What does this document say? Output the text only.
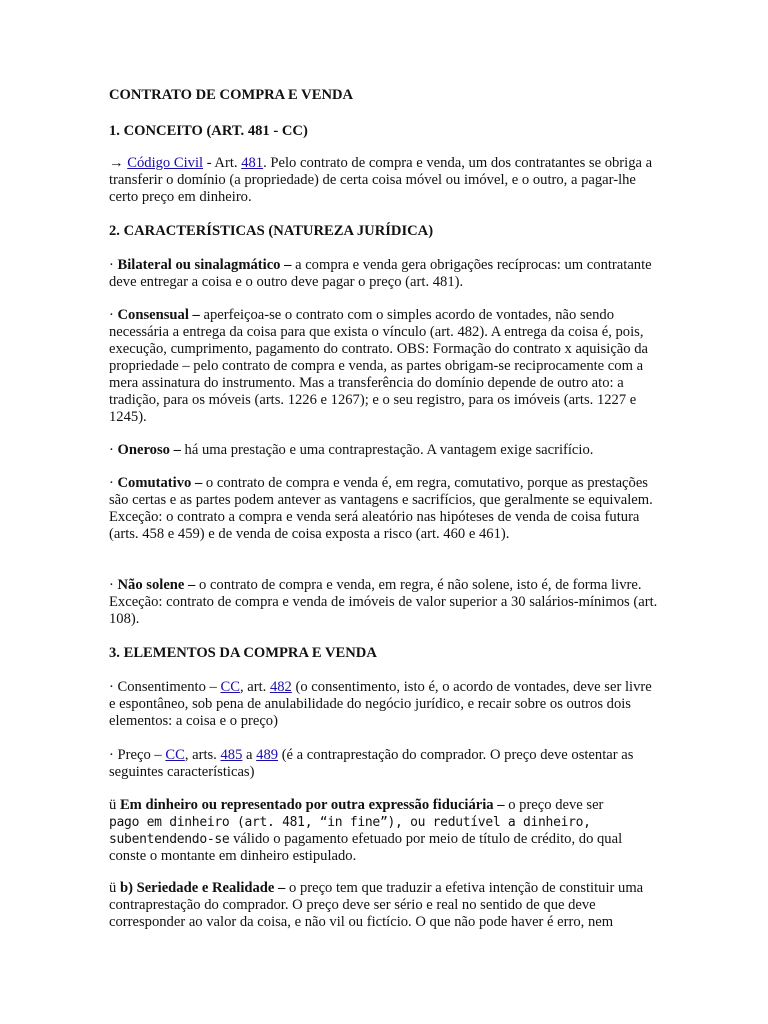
CONTRATO DE COMPRA E VENDA

1. CONCEITO (ART. 481 - CC)

→ Código Civil - Art. 481. Pelo contrato de compra e venda, um dos contratantes se obriga a transferir o domínio (a propriedade) de certa coisa móvel ou imóvel, e o outro, a pagar-lhe certo preço em dinheiro.

2. CARACTERÍSTICAS (NATUREZA JURÍDICA)

· Bilateral ou sinalagmático – a compra e venda gera obrigações recíprocas: um contratante deve entregar a coisa e o outro deve pagar o preço (art. 481).

· Consensual – aperfeiçoa-se o contrato com o simples acordo de vontades, não sendo necessária a entrega da coisa para que exista o vínculo (art. 482). A entrega da coisa é, pois, execução, cumprimento, pagamento do contrato. OBS: Formação do contrato x aquisição da propriedade – pelo contrato de compra e venda, as partes obrigam-se reciprocamente com a mera assinatura do instrumento. Mas a transferência do domínio depende de outro ato: a tradição, para os móveis (arts. 1226 e 1267); e o seu registro, para os imóveis (arts. 1227 e 1245).

· Oneroso – há uma prestação e uma contraprestação. A vantagem exige sacrifício.

· Comutativo – o contrato de compra e venda é, em regra, comutativo, porque as prestações são certas e as partes podem antever as vantagens e sacrifícios, que geralmente se equivalem. Exceção: o contrato a compra e venda será aleatório nas hipóteses de venda de coisa futura (arts. 458 e 459) e de venda de coisa exposta a risco (art. 460 e 461).

· Não solene – o contrato de compra e venda, em regra, é não solene, isto é, de forma livre. Exceção: contrato de compra e venda de imóveis de valor superior a 30 salários-mínimos (art. 108).

3. ELEMENTOS DA COMPRA E VENDA

· Consentimento – CC, art. 482 (o consentimento, isto é, o acordo de vontades, deve ser livre e espontâneo, sob pena de anulabilidade do negócio jurídico, e recair sobre os outros dois elementos: a coisa e o preço)

· Preço – CC, arts. 485 a 489 (é a contraprestação do comprador. O preço deve ostentar as seguintes características)

ü Em dinheiro ou representado por outra expressão fiduciária – o preço deve ser
pago em dinheiro (art. 481, “in fine”), ou redutível a dinheiro, subentendendo-se válido o pagamento efetuado por meio de título de crédito, do qual conste o montante em dinheiro estipulado.

ü b) Seriedade e Realidade – o preço tem que traduzir a efetiva intenção de constituir uma contraprestação do comprador. O preço deve ser sério e real no sentido de que deve corresponder ao valor da coisa, e não vil ou fictício. O que não pode haver é erro, nem
